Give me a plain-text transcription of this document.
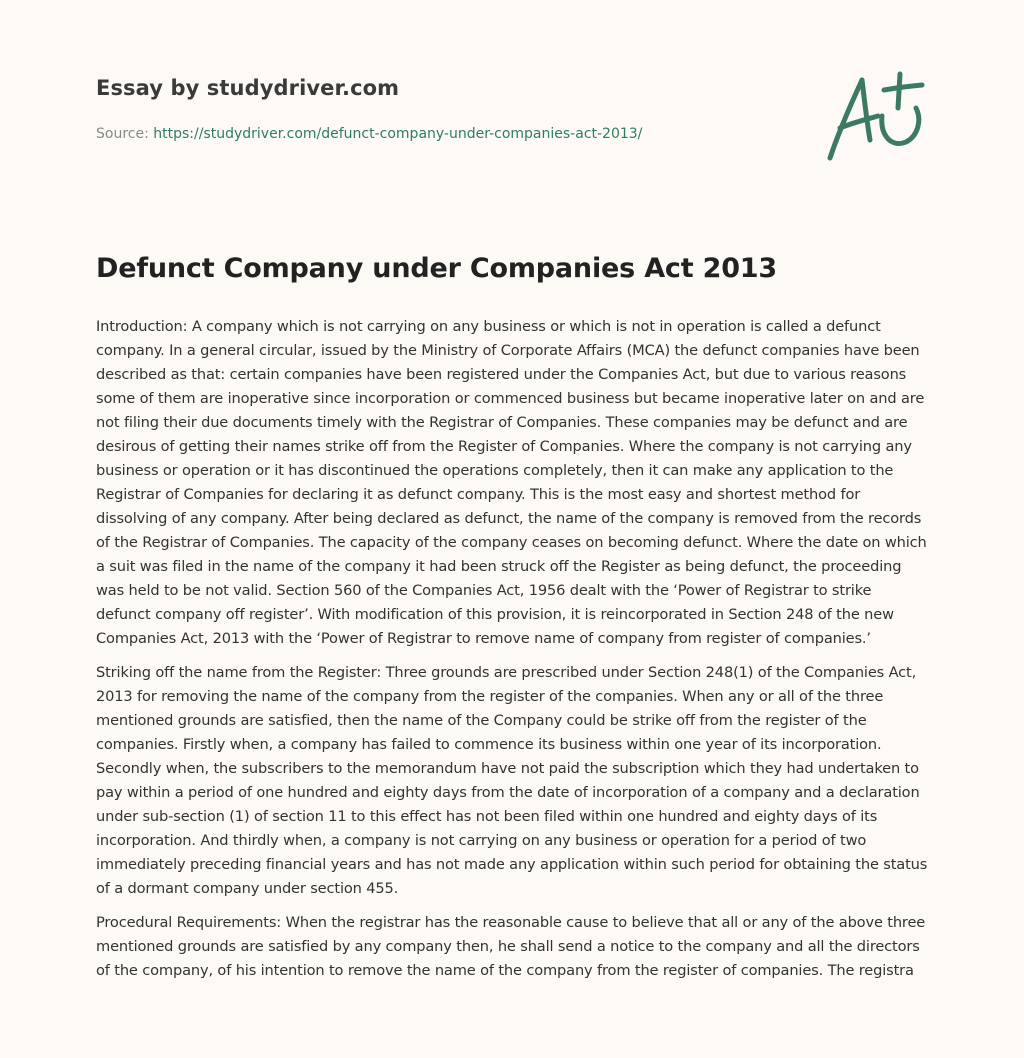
Essay by studydriver.com
Source: https://studydriver.com/defunct-company-under-companies-act-2013/
Defunct Company under Companies Act 2013

Introduction: A company which is not carrying on any business or which is not in operation is called a defunct company. In a general circular, issued by the Ministry of Corporate Affairs (MCA) the defunct companies have been described as that: certain companies have been registered under the Companies Act, but due to various reasons some of them are inoperative since incorporation or commenced business but became inoperative later on and are not filing their due documents timely with the Registrar of Companies. These companies may be defunct and are desirous of getting their names strike off from the Register of Companies. Where the company is not carrying any business or operation or it has discontinued the operations completely, then it can make any application to the Registrar of Companies for declaring it as defunct company. This is the most easy and shortest method for dissolving of any company. After being declared as defunct, the name of the company is removed from the records of the Registrar of Companies. The capacity of the company ceases on becoming defunct. Where the date on which a suit was filed in the name of the company it had been struck off the Register as being defunct, the proceeding was held to be not valid. Section 560 of the Companies Act, 1956 dealt with the ‘Power of Registrar to strike defunct company off register’. With modification of this provision, it is reincorporated in Section 248 of the new Companies Act, 2013 with the ‘Power of Registrar to remove name of company from register of companies.’

Striking off the name from the Register: Three grounds are prescribed under Section 248(1) of the Companies Act, 2013 for removing the name of the company from the register of the companies. When any or all of the three mentioned grounds are satisfied, then the name of the Company could be strike off from the register of the companies. Firstly when, a company has failed to commence its business within one year of its incorporation. Secondly when, the subscribers to the memorandum have not paid the subscription which they had undertaken to pay within a period of one hundred and eighty days from the date of incorporation of a company and a declaration under sub-section (1) of section 11 to this effect has not been filed within one hundred and eighty days of its incorporation. And thirdly when, a company is not carrying on any business or operation for a period of two immediately preceding financial years and has not made any application within such period for obtaining the status of a dormant company under section 455.

Procedural Requirements: When the registrar has the reasonable cause to believe that all or any of the above three mentioned grounds are satisfied by any company then, he shall send a notice to the company and all the directors of the company, of his intention to remove the name of the company from the register of companies. The registra
